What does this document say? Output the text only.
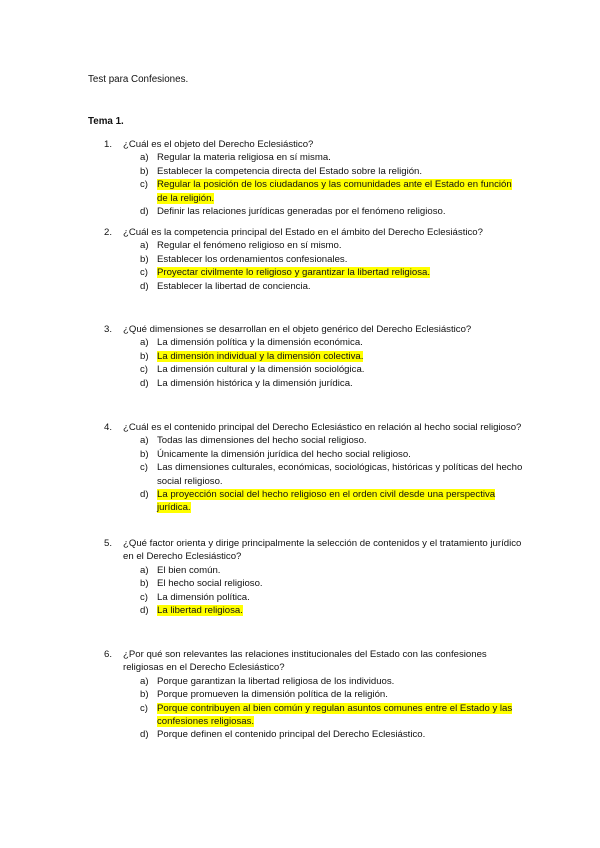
Test para Confesiones.
Tema 1.
1.	¿Cuál es el objeto del Derecho Eclesiástico?
a) Regular la materia religiosa en sí misma.
b) Establecer la competencia directa del Estado sobre la religión.
c) Regular la posición de los ciudadanos y las comunidades ante el Estado en función de la religión.
d) Definir las relaciones jurídicas generadas por el fenómeno religioso.
2.	¿Cuál es la competencia principal del Estado en el ámbito del Derecho Eclesiástico?
a) Regular el fenómeno religioso en sí mismo.
b) Establecer los ordenamientos confesionales.
c) Proyectar civilmente lo religioso y garantizar la libertad religiosa.
d) Establecer la libertad de conciencia.
3.	¿Qué dimensiones se desarrollan en el objeto genérico del Derecho Eclesiástico?
a) La dimensión política y la dimensión económica.
b) La dimensión individual y la dimensión colectiva.
c) La dimensión cultural y la dimensión sociológica.
d) La dimensión histórica y la dimensión jurídica.
4.	¿Cuál es el contenido principal del Derecho Eclesiástico en relación al hecho social religioso?
a) Todas las dimensiones del hecho social religioso.
b) Únicamente la dimensión jurídica del hecho social religioso.
c) Las dimensiones culturales, económicas, sociológicas, históricas y políticas del hecho social religioso.
d) La proyección social del hecho religioso en el orden civil desde una perspectiva jurídica.
5.	¿Qué factor orienta y dirige principalmente la selección de contenidos y el tratamiento jurídico en el Derecho Eclesiástico?
a) El bien común.
b) El hecho social religioso.
c) La dimensión política.
d) La libertad religiosa.
6.	¿Por qué son relevantes las relaciones institucionales del Estado con las confesiones religiosas en el Derecho Eclesiástico?
a) Porque garantizan la libertad religiosa de los individuos.
b) Porque promueven la dimensión política de la religión.
c) Porque contribuyen al bien común y regulan asuntos comunes entre el Estado y las confesiones religiosas.
d) Porque definen el contenido principal del Derecho Eclesiástico.
